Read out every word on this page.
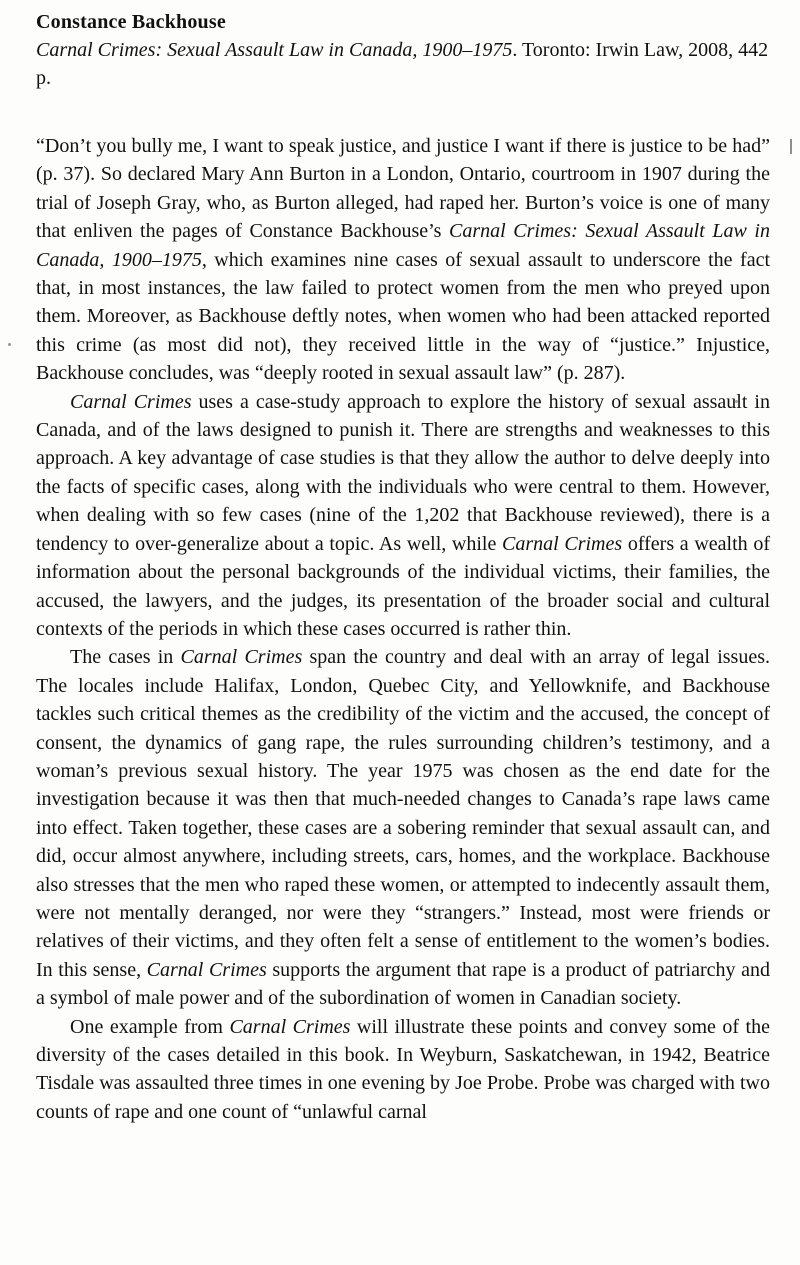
Constance Backhouse

Carnal Crimes: Sexual Assault Law in Canada, 1900–1975. Toronto: Irwin Law, 2008, 442 p.

“Don’t you bully me, I want to speak justice, and justice I want if there is justice to be had” (p. 37). So declared Mary Ann Burton in a London, Ontario, courtroom in 1907 during the trial of Joseph Gray, who, as Burton alleged, had raped her. Burton’s voice is one of many that enliven the pages of Constance Backhouse’s Carnal Crimes: Sexual Assault Law in Canada, 1900–1975, which examines nine cases of sexual assault to underscore the fact that, in most instances, the law failed to protect women from the men who preyed upon them. Moreover, as Backhouse deftly notes, when women who had been attacked reported this crime (as most did not), they received little in the way of “justice.” Injustice, Backhouse concludes, was “deeply rooted in sexual assault law” (p. 287).

Carnal Crimes uses a case-study approach to explore the history of sexual assault in Canada, and of the laws designed to punish it. There are strengths and weaknesses to this approach. A key advantage of case studies is that they allow the author to delve deeply into the facts of specific cases, along with the individuals who were central to them. However, when dealing with so few cases (nine of the 1,202 that Backhouse reviewed), there is a tendency to over-generalize about a topic. As well, while Carnal Crimes offers a wealth of information about the personal backgrounds of the individual victims, their families, the accused, the lawyers, and the judges, its presentation of the broader social and cultural contexts of the periods in which these cases occurred is rather thin.

The cases in Carnal Crimes span the country and deal with an array of legal issues. The locales include Halifax, London, Quebec City, and Yellowknife, and Backhouse tackles such critical themes as the credibility of the victim and the accused, the concept of consent, the dynamics of gang rape, the rules surrounding children’s testimony, and a woman’s previous sexual history. The year 1975 was chosen as the end date for the investigation because it was then that much-needed changes to Canada’s rape laws came into effect. Taken together, these cases are a sobering reminder that sexual assault can, and did, occur almost anywhere, including streets, cars, homes, and the workplace. Backhouse also stresses that the men who raped these women, or attempted to indecently assault them, were not mentally deranged, nor were they “strangers.” Instead, most were friends or relatives of their victims, and they often felt a sense of entitlement to the women’s bodies. In this sense, Carnal Crimes supports the argument that rape is a product of patriarchy and a symbol of male power and of the subordination of women in Canadian society.

One example from Carnal Crimes will illustrate these points and convey some of the diversity of the cases detailed in this book. In Weyburn, Saskatchewan, in 1942, Beatrice Tisdale was assaulted three times in one evening by Joe Probe. Probe was charged with two counts of rape and one count of “unlawful carnal
